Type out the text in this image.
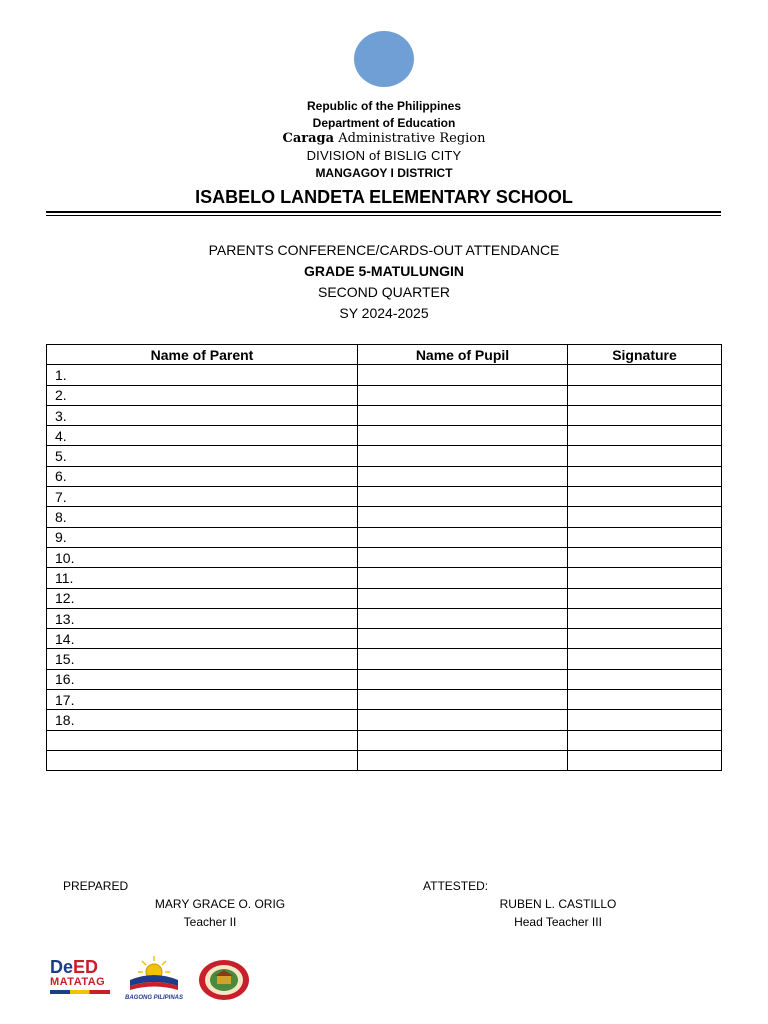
Republic of the Philippines
Department of Education
Caraga Administrative Region
DIVISION of BISLIG CITY
MANGAGOY I DISTRICT
ISABELO LANDETA ELEMENTARY SCHOOL
PARENTS CONFERENCE/CARDS-OUT ATTENDANCE
GRADE 5-MATULUNGIN
SECOND QUARTER
SY 2024-2025
Name of Parent	Name of Pupil	Signature
1.		
2.		
3.		
4.		
5.		
6.		
7.		
8.		
9.		
10.		
11.		
12.		
13.		
14.		
15.		
16.		
17.		
18.		

PREPARED	ATTESTED:
MARY GRACE O. ORIG
Teacher II
RUBEN L. CASTILLO
Head Teacher III
DeED
MATATAG
BAGONG PILIPINAS
